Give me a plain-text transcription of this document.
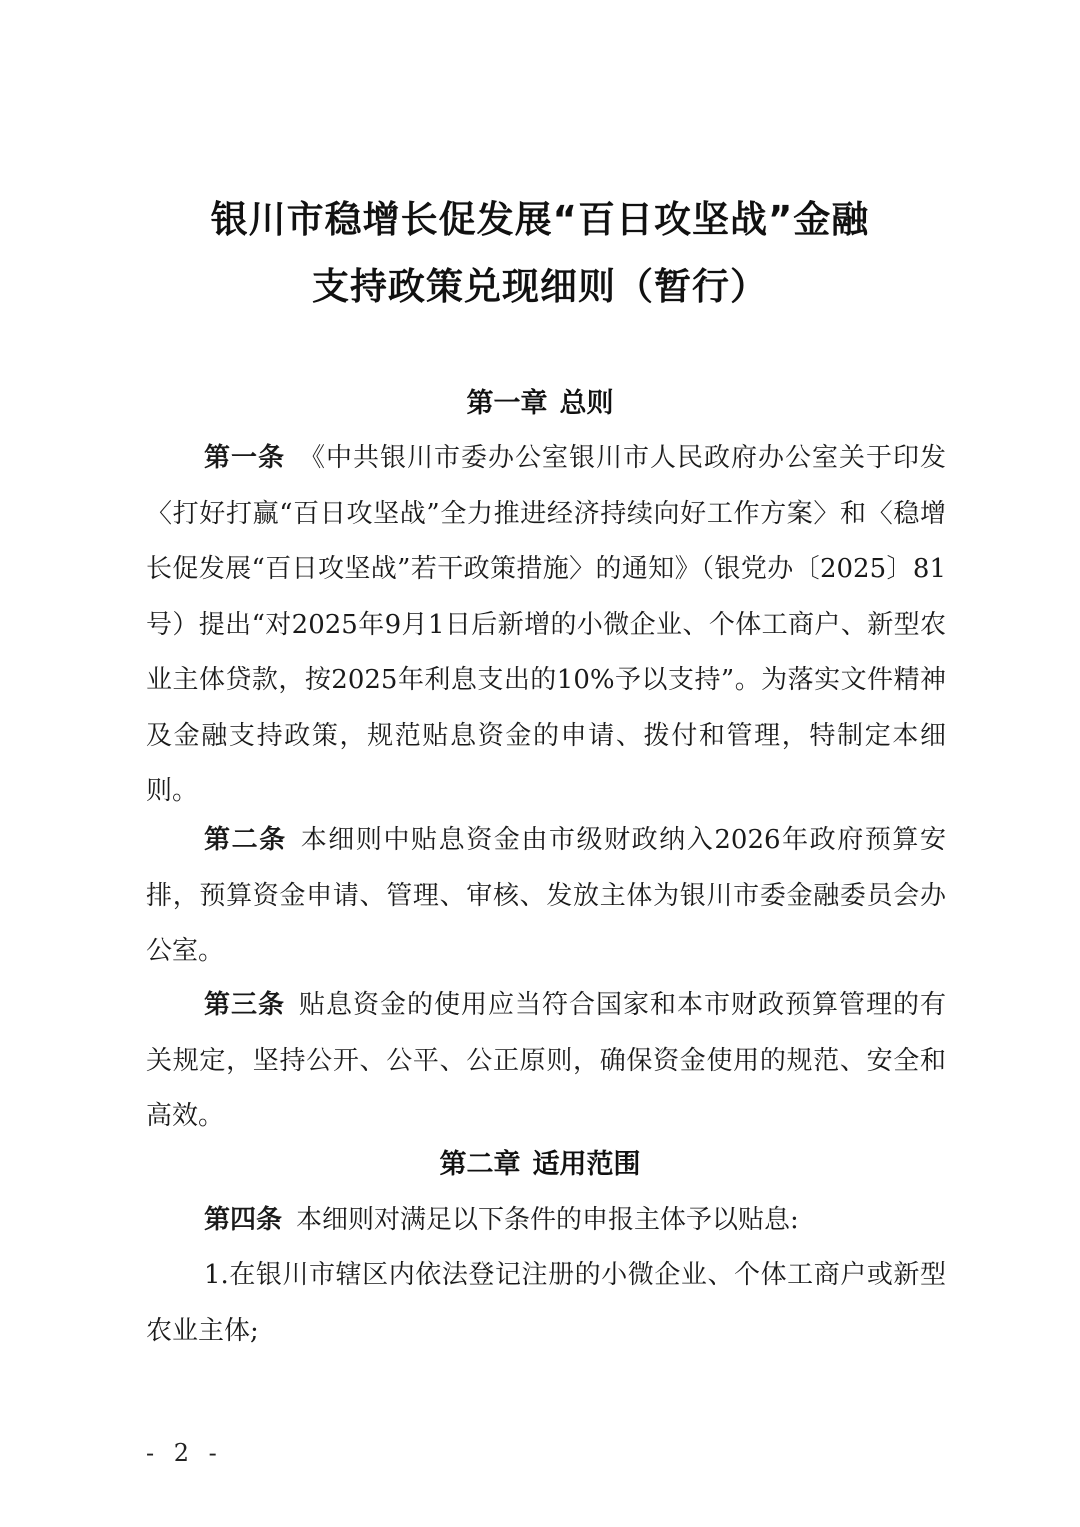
银川市稳增长促发展“百日攻坚战”金融
支持政策兑现细则（暂行）
第一章 总则
第一条 《中共银川市委办公室银川市人民政府办公室关于印发〈打好打赢“百日攻坚战”全力推进经济持续向好工作方案〉和〈稳增长促发展“百日攻坚战”若干政策措施〉的通知》（银党办〔2025〕81号）提出“对2025年9月1日后新增的小微企业、个体工商户、新型农业主体贷款，按2025年利息支出的10%予以支持”。为落实文件精神及金融支持政策，规范贴息资金的申请、拨付和管理，特制定本细则。
第二条 本细则中贴息资金由市级财政纳入2026年政府预算安排，预算资金申请、管理、审核、发放主体为银川市委金融委员会办公室。
第三条 贴息资金的使用应当符合国家和本市财政预算管理的有关规定，坚持公开、公平、公正原则，确保资金使用的规范、安全和高效。
第二章 适用范围
第四条 本细则对满足以下条件的申报主体予以贴息:
1.在银川市辖区内依法登记注册的小微企业、个体工商户或新型农业主体;
- 2 -
